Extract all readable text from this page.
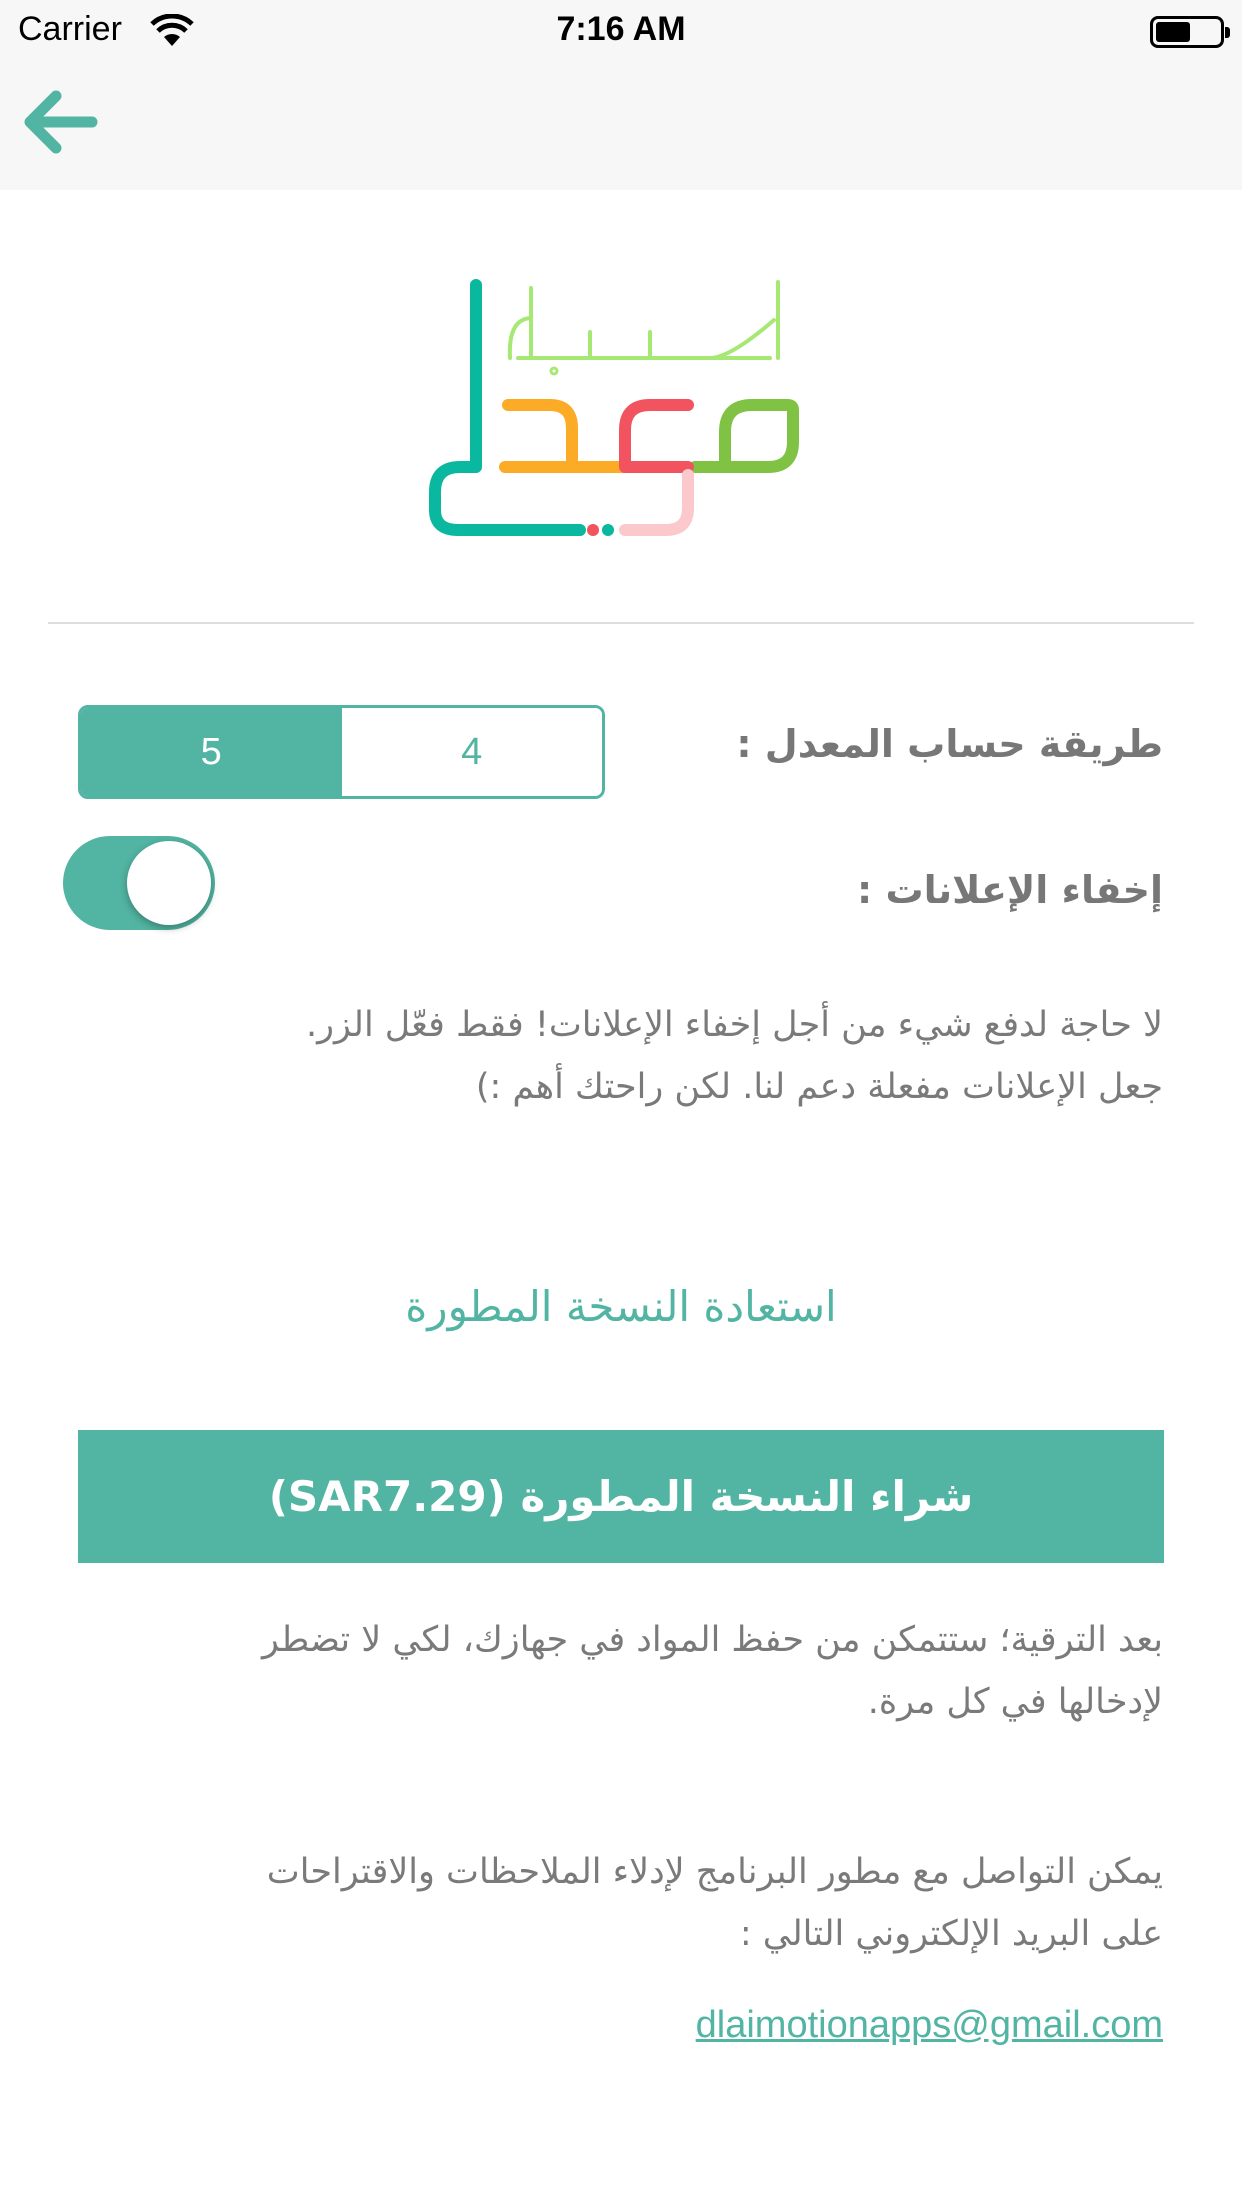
Carrier	7:16 AM
طريقة حساب المعدل :
5	4
إخفاء الإعلانات :
لا حاجة لدفع شيء من أجل إخفاء الإعلانات! فقط فعّل الزر.
جعل الإعلانات مفعلة دعم لنا. لكن راحتك أهم :)
استعادة النسخة المطورة
شراء النسخة المطورة (SAR7.29)
بعد الترقية؛ ستتمكن من حفظ المواد في جهازك، لكي لا تضطر
لإدخالها في كل مرة.
يمكن التواصل مع مطور البرنامج لإدلاء الملاحظات والاقتراحات
على البريد الإلكتروني التالي :
dlaimotionapps@gmail.com
